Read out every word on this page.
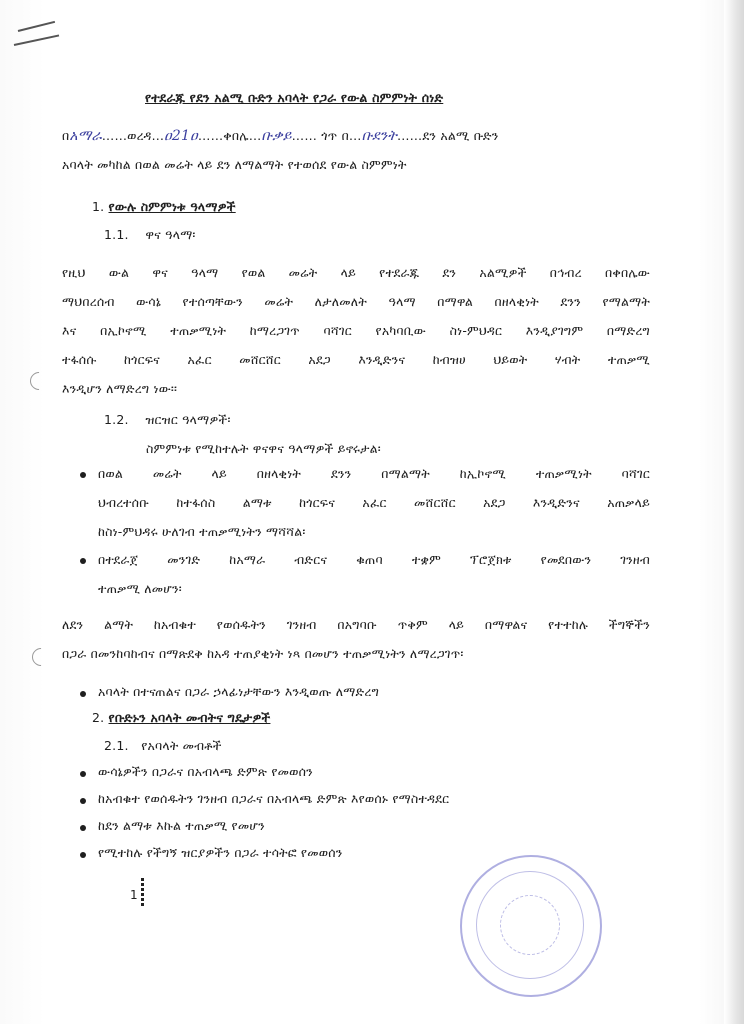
የተደራጁ የደን አልሚ ቡድን አባላት የጋራ የውል ስምምነት ሰነድ
በአማራ……ወረዳ…ዐ21ዐ……ቀበሌ…ቡቃይ…… ጎጥ በ…ቡደንት……ደን አልሚ ቡድን
አባላት መካከል በወል መሬት ላይ ደን ለማልማት የተወሰደ የውል ስምምነት
1. የውሉ ስምምነቱ ዓላማዎች
1.1. ዋና ዓላማ፡
የዚህ ውል ዋና ዓላማ የወል መሬት ላይ የተደራጁ ደን አልሚዎች በኅብረ በቀበሌው
ማህበረሰብ ውሳኔ የተሰጣቸውን መሬት ለታለመለት ዓላማ በማዋል በዘላቂነት ደንን የማልማት
እና በኢኮኖሚ ተጠቃሚነት ከማረጋገጥ ባሻገር የአካባቢው ስነ-ምህዳር እንዲያገግም በማድረግ
ተፋሰሱ ከጎርፍና አፈር መሸርሸር አደጋ እንዲድንና ከብዝሀ ህይወት ሃብት ተጠቃሚ
እንዲሆን ለማድረግ ነው፡፡
1.2. ዝርዝር ዓላማዎች፡
ስምምነቱ የሚከተሉት ዋናዋና ዓላማዎች ይኖሩታል፡
በወል መሬት ላይ በዘላቂነት ደንን በማልማት ከኢኮኖሚ ተጠቃሚነት ባሻገር
ህብረተሰቡ ከተፋሰስ ልማቱ ከጎርፍና አፈር መሸርሸር አደጋ እንዲድንና አጠቃላይ
ከስነ-ምህዳሩ ሁለገብ ተጠቃሚነትን ማሻሻል፡
በተደራጀ መንገድ ከአማራ ብድርና ቁጠባ ተቋም ፕሮጀክቱ የመደበውን ገንዘብ
ተጠቃሚ ለመሆን፡
ለደን ልማት ከአብቁተ የወሰዱትን ገንዘብ በአግባቡ ጥቅም ላይ በማዋልና የተተከሉ ችግኞችን
በጋራ በመንከባከብና በማጽደቅ ከአዳ ተጠያቂነት ነጻ በመሆን ተጠቃሚነትን ለማረጋገጥ፡
አባላት በተናጠልና በጋራ ኃላፊነታቸውን እንዲወጡ ለማድረግ
2. የቡድኑን አባላት መብትና ግዴታዎች
2.1. የአባላት መብቶች
ውሳኔዎችን በጋራና በአብላጫ ድምጽ የመወሰን
ከአብቁተ የወሰዱትን ገንዘብ በጋራና በአብላጫ ድምጽ እየወሰኑ የማስተዳደር
ከደን ልማቱ እኩል ተጠቃሚ የመሆን
የሚተከሉ የችግኝ ዝርያዎችን በጋራ ተሳትፎ የመወሰን
1
